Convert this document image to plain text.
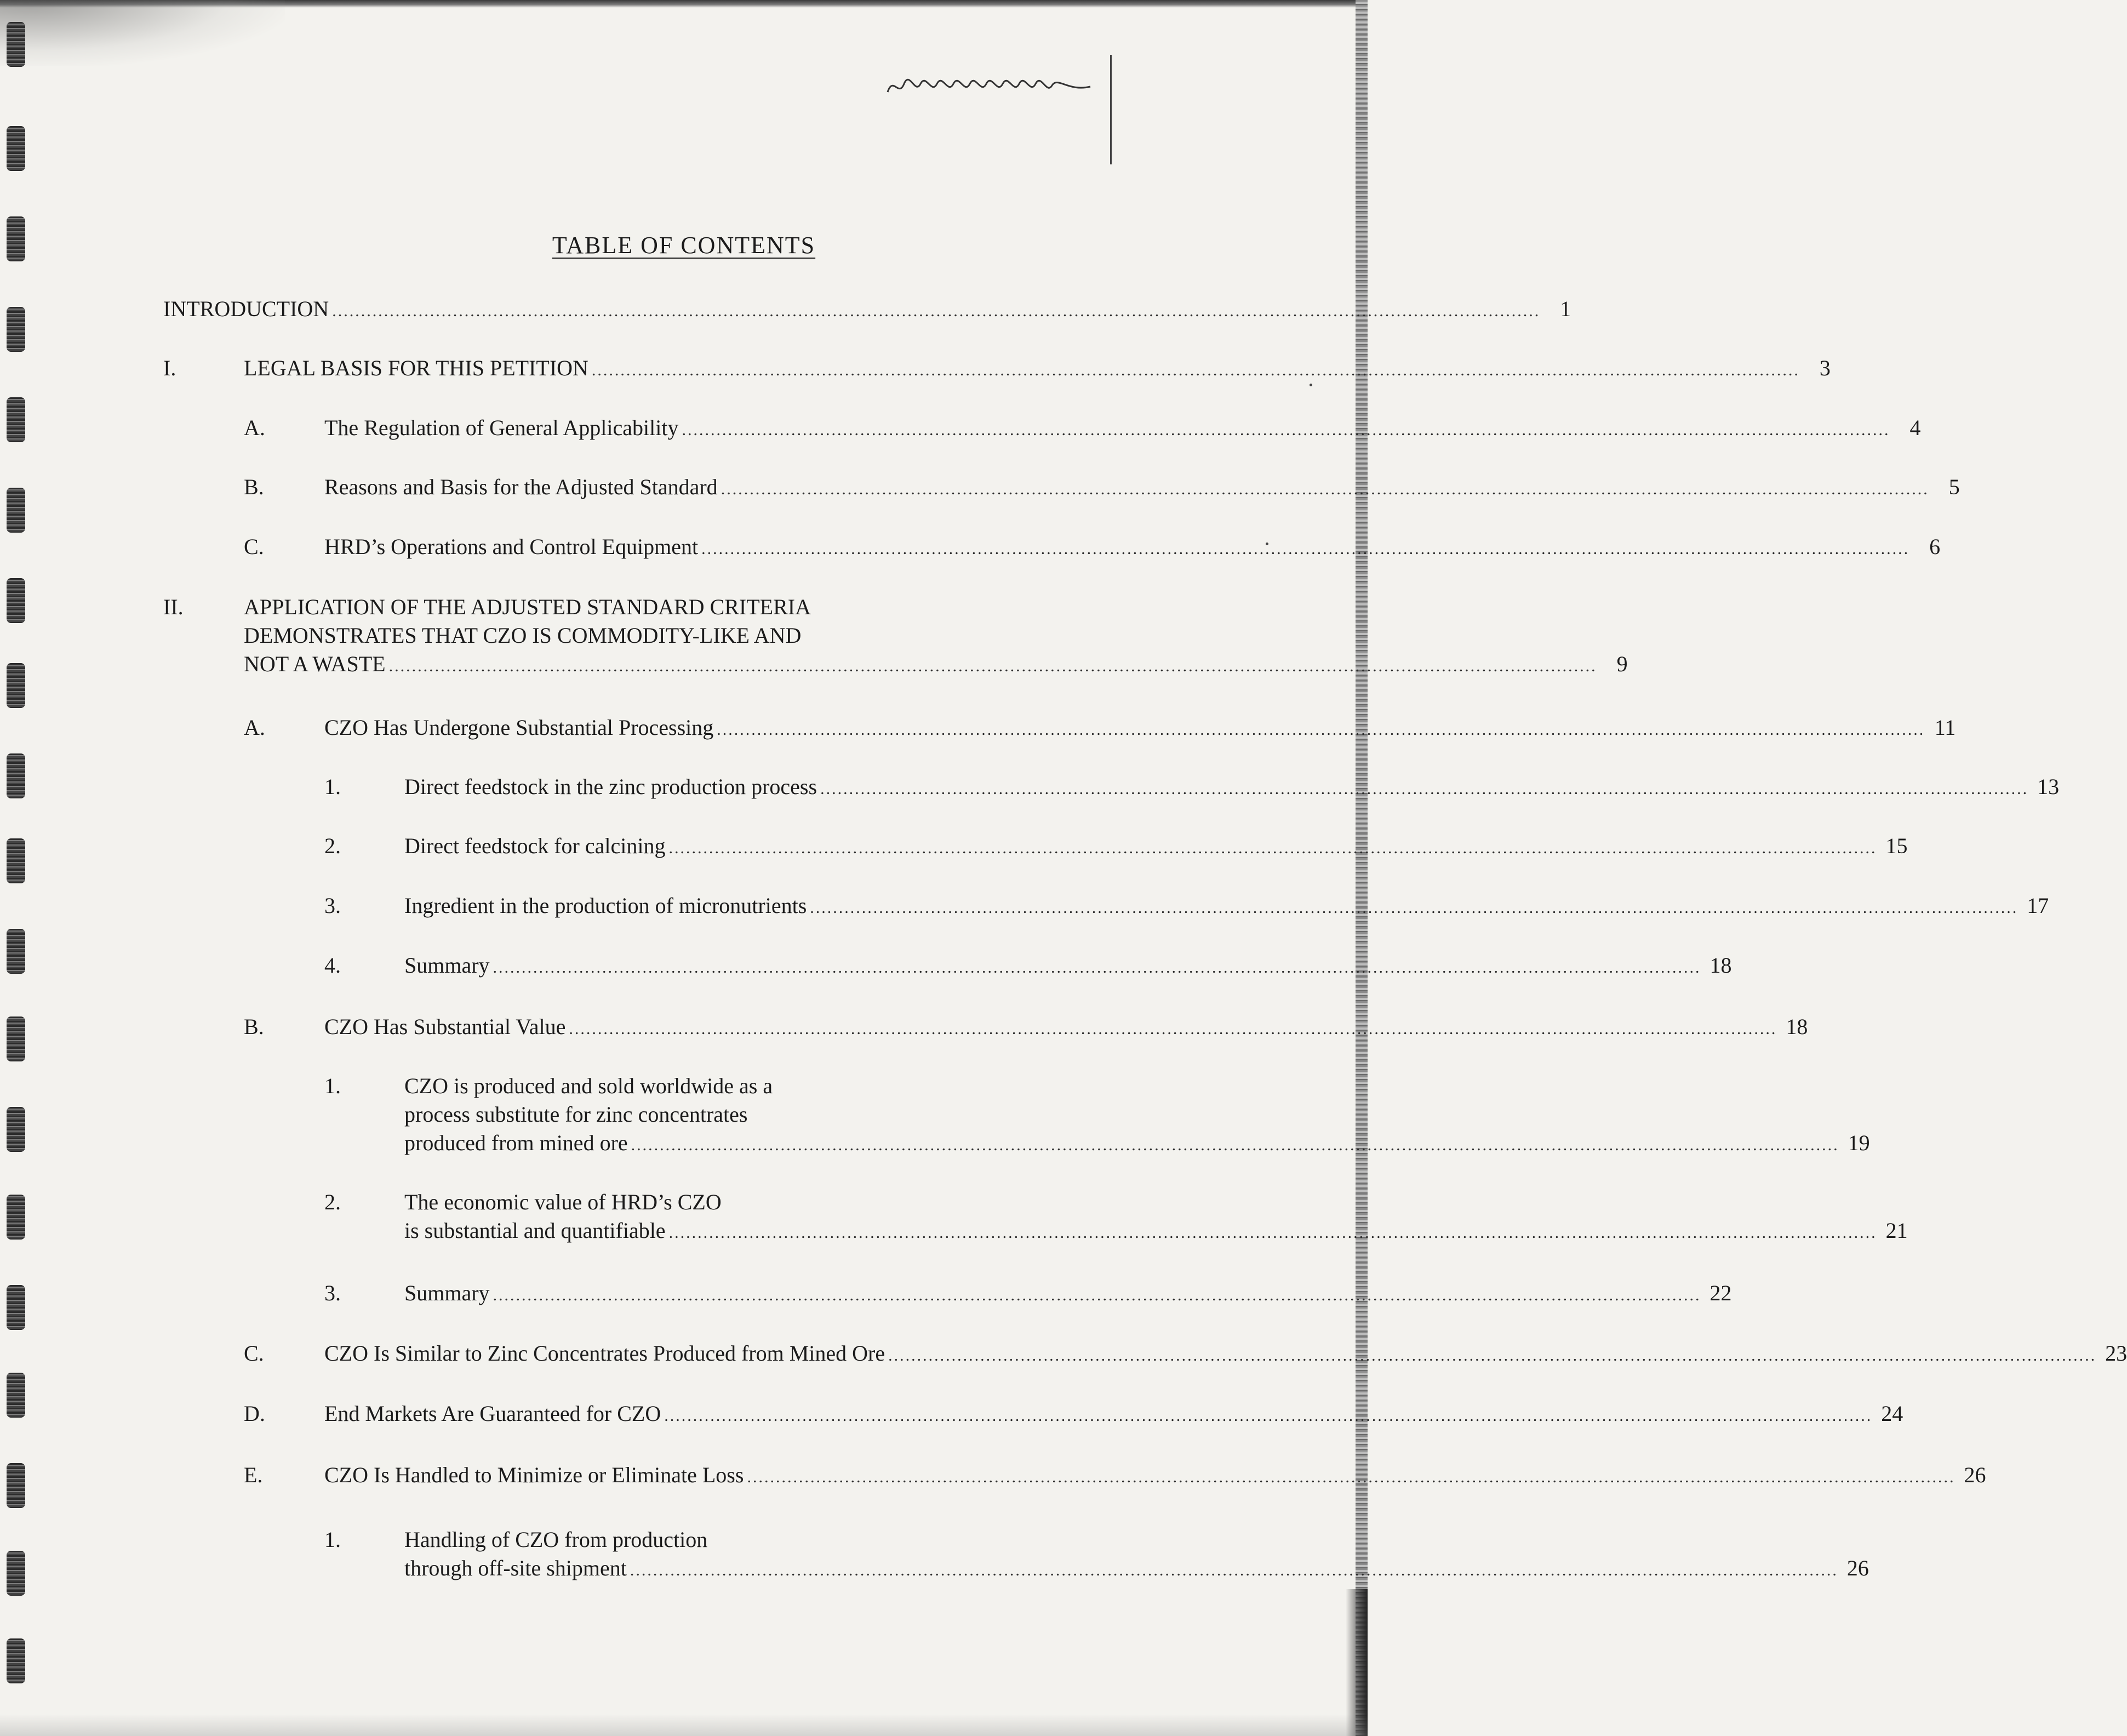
TABLE OF CONTENTS
INTRODUCTION .................................................................................................................................................................................................................. 1
I.	LEGAL BASIS FOR THIS PETITION .................................................................................................................................................................................................................. 3
A.	The Regulation of General Applicability .................................................................................................................................................................................................................. 4
B.	Reasons and Basis for the Adjusted Standard .................................................................................................................................................................................................................. 5
C.	HRD’s Operations and Control Equipment .................................................................................................................................................................................................................. 6
II.	APPLICATION OF THE ADJUSTED STANDARD CRITERIA
DEMONSTRATES THAT CZO IS COMMODITY-LIKE AND
NOT A WASTE .................................................................................................................................................................................................................. 9
A.	CZO Has Undergone Substantial Processing .................................................................................................................................................................................................................. 11
1.	Direct feedstock in the zinc production process .................................................................................................................................................................................................................. 13
2.	Direct feedstock for calcining .................................................................................................................................................................................................................. 15
3.	Ingredient in the production of micronutrients .................................................................................................................................................................................................................. 17
4.	Summary .................................................................................................................................................................................................................. 18
B.	CZO Has Substantial Value .................................................................................................................................................................................................................. 18
1.	CZO is produced and sold worldwide as a
process substitute for zinc concentrates
produced from mined ore .................................................................................................................................................................................................................. 19
2.	The economic value of HRD’s CZO
is substantial and quantifiable .................................................................................................................................................................................................................. 21
3.	Summary .................................................................................................................................................................................................................. 22
C.	CZO Is Similar to Zinc Concentrates Produced from Mined Ore .................................................................................................................................................................................................................. 23
D.	End Markets Are Guaranteed for CZO .................................................................................................................................................................................................................. 24
E.	CZO Is Handled to Minimize or Eliminate Loss .................................................................................................................................................................................................................. 26
1.	Handling of CZO from production
through off-site shipment .................................................................................................................................................................................................................. 26
